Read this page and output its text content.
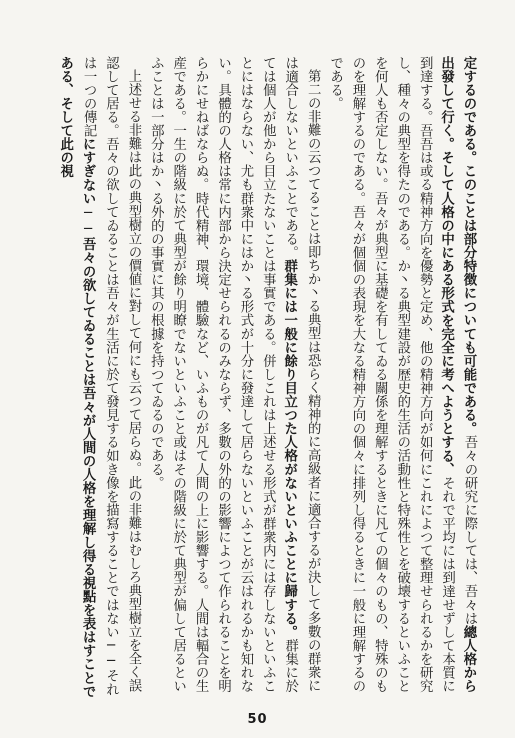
定するのである。このことは部分特徴についても可能である。吾々の研究に際しては、吾々は總人格から出發して行く。そして人格の中にある形式を完全に考へようとする、それで平均には到達せずして本質に到達する。吾吾は或る精神方向を優勢と定め、他の精神方向が如何にこれによつて整理せられるかを研究し、種々の典型を得たのである。か丶る典型建設が歴史的生活の活動性と特殊性とを破壊するといふことを何人も否定しない。吾々が典型に基礎を有してゐる關係を理解するときに凡ての個々のもの、特殊のものを理解するのである。吾々が個個の表現を大なる精神方向の個々に排列し得るときに一般に理解するのである。

第二の非難の云つてることは即ちか丶る典型は恐らく精神的に高級者に適合するが決して多數の群衆には適合しないといふことである。群集には一般に餘り目立つた人格がないといふことに歸する。群集に於ては個人が他から目立たないことは事實である。併しこれは上述せる形式が群衆内には存しないといふことにはならない、尤も群衆中にはか丶る形式が十分に發達して居らないといふことが云はれるかも知れない。具體的の人格は常に内部から決定せられるのみならず、多數の外的の影響によつて作られることを明らかにせねばならぬ。時代精神、環境、體驗など、いふものが凡て人間の上に影響する。人間は輻合の生産である。一生の階級に於て典型が餘り明瞭でないといふこと或はその階級に於て典型が偏して居るといふことは一部分はか丶る外的の事實に其の根據を持つてゐるのである。

上述せる非難は此の典型樹立の價値に對して何にも云つて居らぬ。此の非難はむしろ典型樹立を全く誤認して居る。吾々の欲してゐることは吾々が生活に於て發見する如き像を描寫することではない──それは一つの傳記にすぎない──吾々の欲してゐることは吾々が人間の人格を理解し得る視點を表はすことである、そして此の視

50
